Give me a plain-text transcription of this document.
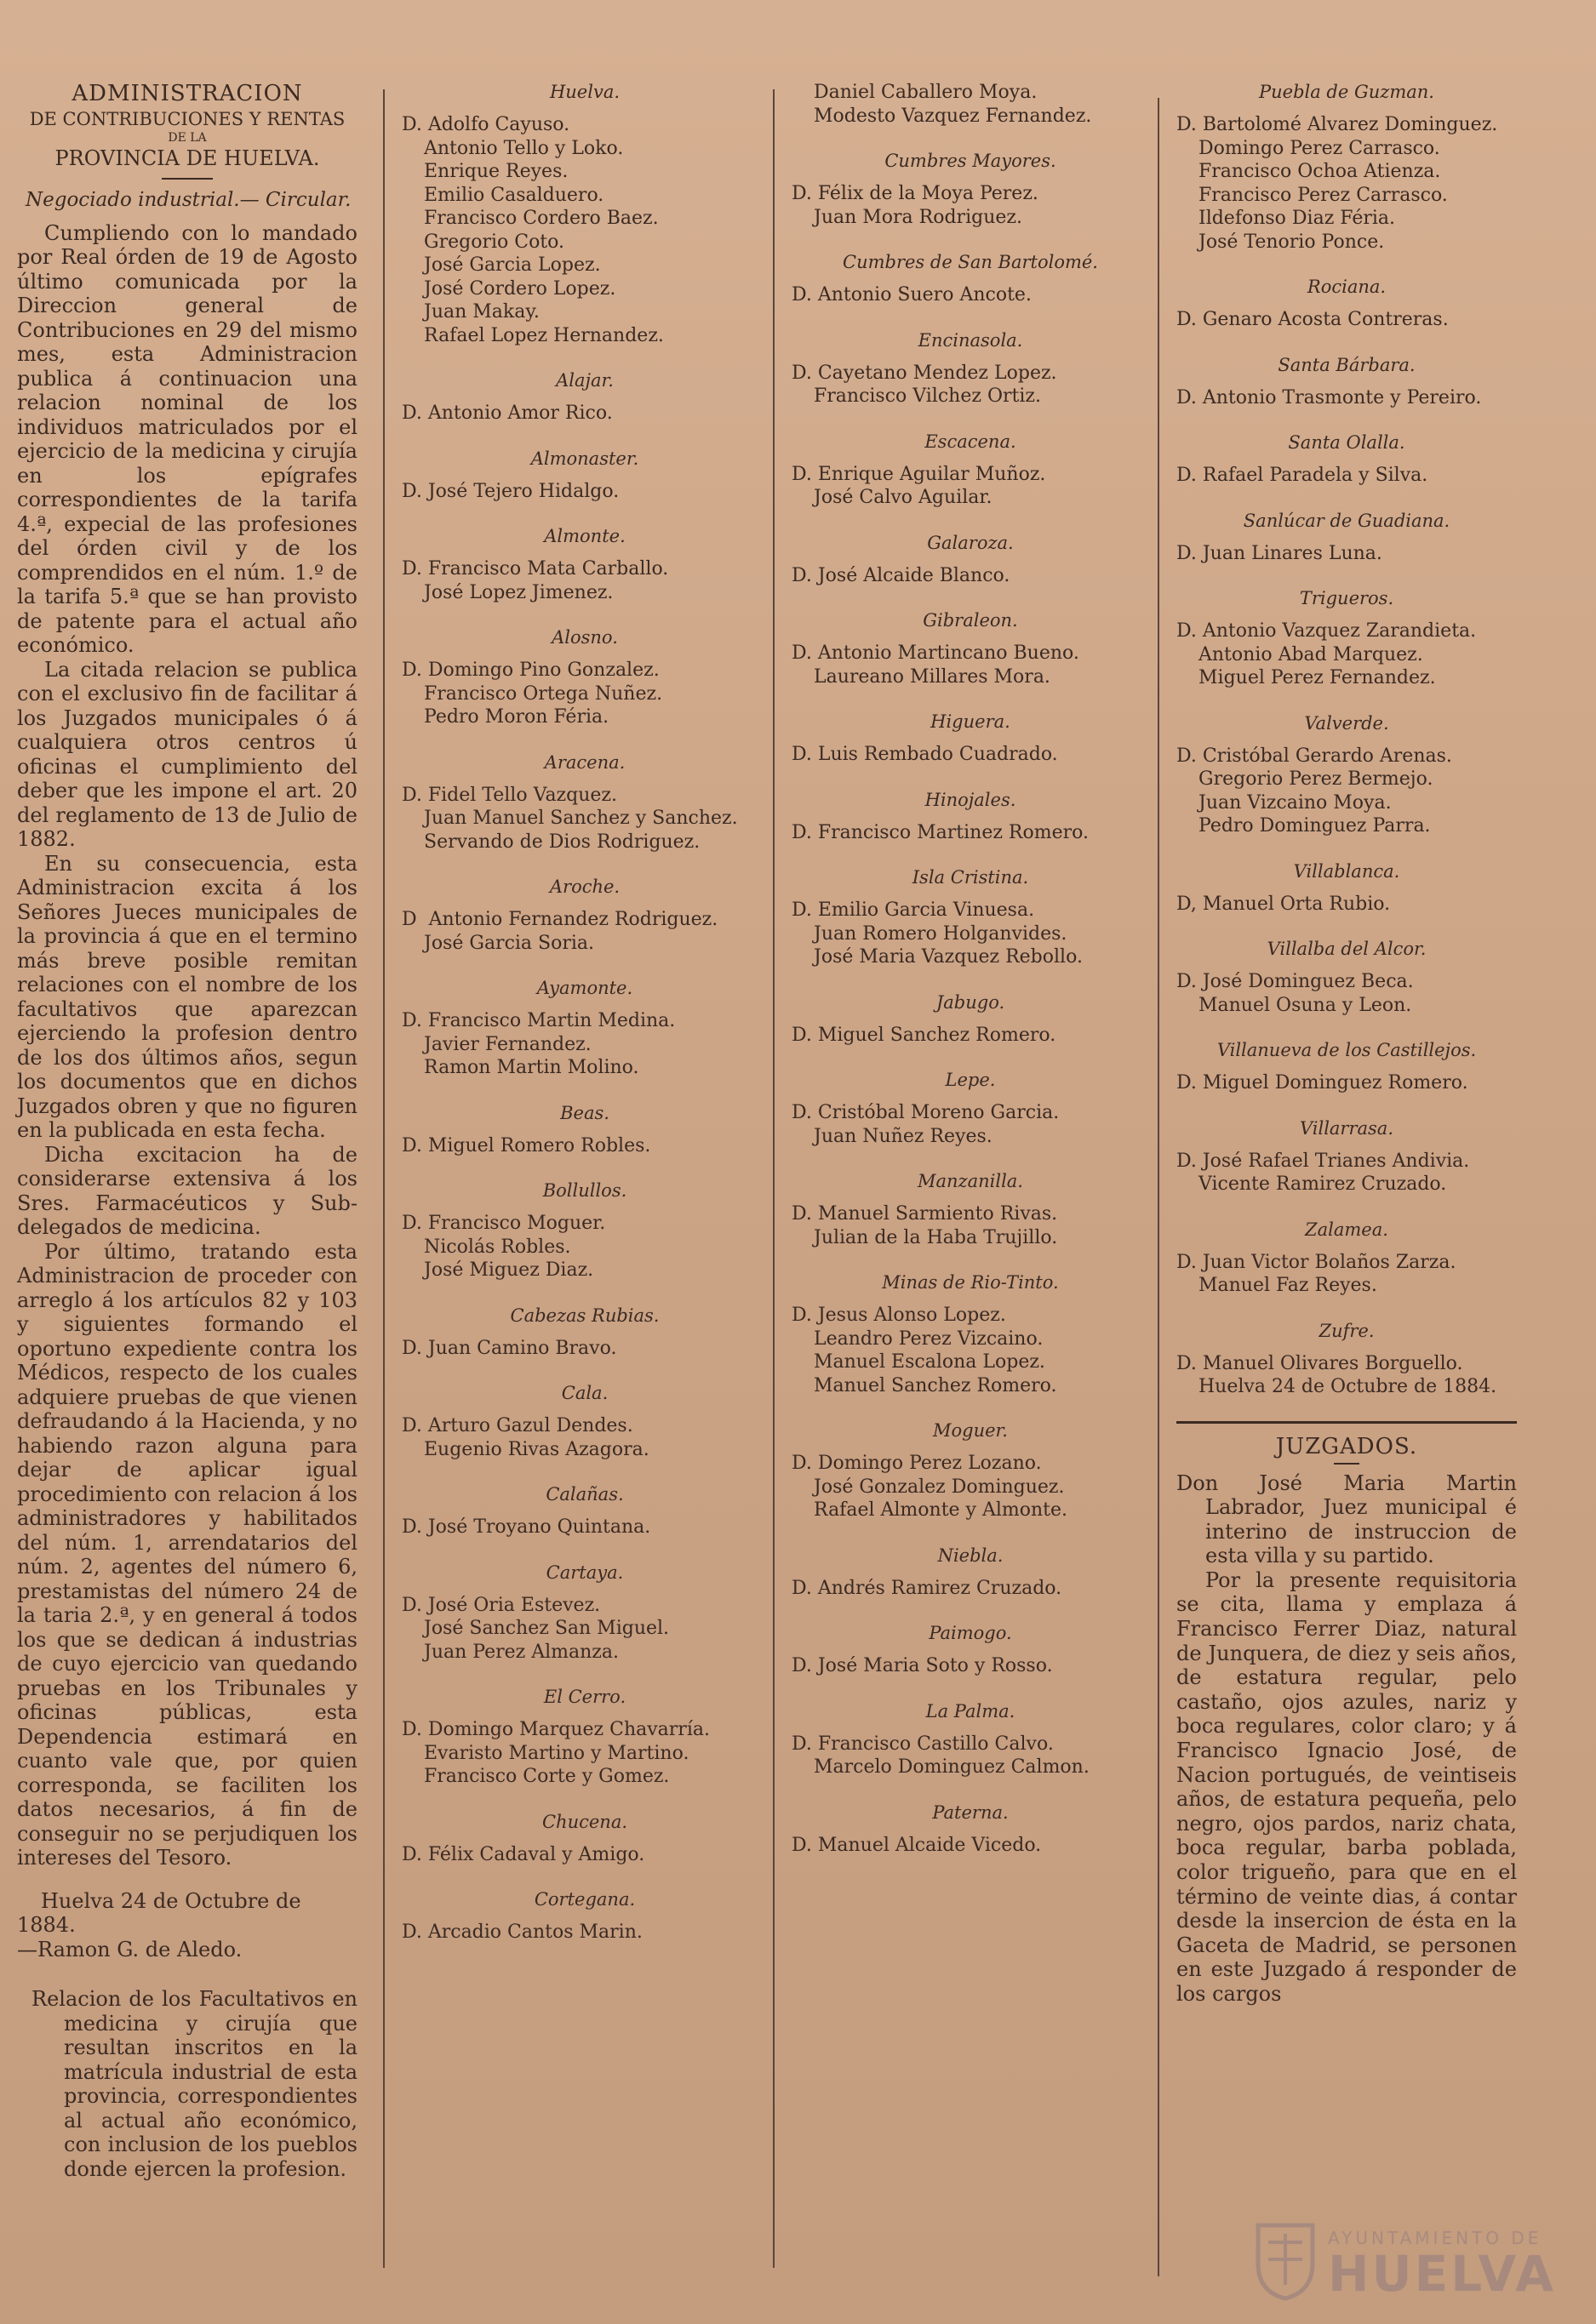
ADMINISTRACION

DE CONTRIBUCIONES Y RENTAS

DE LA

PROVINCIA DE HUELVA.

Negociado industrial.— Circular.

Cumpliendo con lo mandado por Real órden de 19 de Agosto último comunicada por la Direccion general de Contribuciones en 29 del mismo mes, esta Administracion publica á continuacion una relacion nominal de los individuos matriculados por el ejercicio de la medicina y cirujía en los epígrafes correspondientes de la tarifa 4.ª, expecial de las profesiones del órden civil y de los comprendidos en el núm. 1.º de la tarifa 5.ª que se han provisto de patente para el actual año económico.

La citada relacion se publica con el exclusivo fin de facilitar á los Juzgados municipales ó á cualquiera otros centros ú oficinas el cumplimiento del deber que les impone el art. 20 del reglamento de 13 de Julio de 1882.

En su consecuencia, esta Administracion excita á los Señores Jueces municipales de la provincia á que en el termino más breve posible remitan relaciones con el nombre de los facultativos que aparezcan ejerciendo la profesion dentro de los dos últimos años, segun los documentos que en dichos Juzgados obren y que no figuren en la publicada en esta fecha.

Dicha excitacion ha de considerarse extensiva á los Sres. Farmacéuticos y Sub-delegados de medicina.

Por último, tratando esta Administracion de proceder con arreglo á los artículos 82 y 103 y siguientes formando el oportuno expediente contra los Médicos, respecto de los cuales adquiere pruebas de que vienen defraudando á la Hacienda, y no habiendo razon alguna para dejar de aplicar igual procedimiento con relacion á los administradores y habilitados del núm. 1, arrendatarios del núm. 2, agentes del número 6, prestamistas del número 24 de la taria 2.ª, y en general á todos los que se dedican á industrias de cuyo ejercicio van quedando pruebas en los Tribunales y oficinas públicas, esta Dependencia estimará en cuanto vale que, por quien corresponda, se faciliten los datos necesarios, á fin de conseguir no se perjudiquen los intereses del Tesoro.

Huelva 24 de Octubre de 1884.

—Ramon G. de Aledo.

Relacion de los Facultativos en medicina y cirujía que resultan inscritos en la matrícula industrial de esta provincia, correspondientes al actual año económico, con inclusion de los pueblos donde ejercen la profesion.

Huelva.

D. Adolfo Cayuso.
Antonio Tello y Loko.
Enrique Reyes.
Emilio Casalduero.
Francisco Cordero Baez.
Gregorio Coto.
José Garcia Lopez.
José Cordero Lopez.
Juan Makay.
Rafael Lopez Hernandez.

Alajar.

D. Antonio Amor Rico.

Almonaster.

D. José Tejero Hidalgo.

Almonte.

D. Francisco Mata Carballo.
José Lopez Jimenez.

Alosno.

D. Domingo Pino Gonzalez.
Francisco Ortega Nuñez.
Pedro Moron Féria.

Aracena.

D. Fidel Tello Vazquez.
Juan Manuel Sanchez y Sanchez.
Servando de Dios Rodriguez.

Aroche.

D  Antonio Fernandez Rodriguez.
José Garcia Soria.

Ayamonte.

D. Francisco Martin Medina.
Javier Fernandez.
Ramon Martin Molino.

Beas.

D. Miguel Romero Robles.

Bollullos.

D. Francisco Moguer.
Nicolás Robles.
José Miguez Diaz.

Cabezas Rubias.

D. Juan Camino Bravo.

Cala.

D. Arturo Gazul Dendes.
Eugenio Rivas Azagora.

Calañas.

D. José Troyano Quintana.

Cartaya.

D. José Oria Estevez.
José Sanchez San Miguel.
Juan Perez Almanza.

El Cerro.

D. Domingo Marquez Chavarría.
Evaristo Martino y Martino.
Francisco Corte y Gomez.

Chucena.

D. Félix Cadaval y Amigo.

Cortegana.

D. Arcadio Cantos Marin.
Daniel Caballero Moya.
Modesto Vazquez Fernandez.

Cumbres Mayores.

D. Félix de la Moya Perez.
Juan Mora Rodriguez.

Cumbres de San Bartolomé.

D. Antonio Suero Ancote.

Encinasola.

D. Cayetano Mendez Lopez.
Francisco Vilchez Ortiz.

Escacena.

D. Enrique Aguilar Muñoz.
José Calvo Aguilar.

Galaroza.

D. José Alcaide Blanco.

Gibraleon.

D. Antonio Martincano Bueno.
Laureano Millares Mora.

Higuera.

D. Luis Rembado Cuadrado.

Hinojales.

D. Francisco Martinez Romero.

Isla Cristina.

D. Emilio Garcia Vinuesa.
Juan Romero Holganvides.
José Maria Vazquez Rebollo.

Jabugo.

D. Miguel Sanchez Romero.

Lepe.

D. Cristóbal Moreno Garcia.
Juan Nuñez Reyes.

Manzanilla.

D. Manuel Sarmiento Rivas.
Julian de la Haba Trujillo.

Minas de Rio-Tinto.

D. Jesus Alonso Lopez.
Leandro Perez Vizcaino.
Manuel Escalona Lopez.
Manuel Sanchez Romero.

Moguer.

D. Domingo Perez Lozano.
José Gonzalez Dominguez.
Rafael Almonte y Almonte.

Niebla.

D. Andrés Ramirez Cruzado.

Paimogo.

D. José Maria Soto y Rosso.

La Palma.

D. Francisco Castillo Calvo.
Marcelo Dominguez Calmon.

Paterna.

D. Manuel Alcaide Vicedo.

Puebla de Guzman.

D. Bartolomé Alvarez Dominguez.
Domingo Perez Carrasco.
Francisco Ochoa Atienza.
Francisco Perez Carrasco.
Ildefonso Diaz Féria.
José Tenorio Ponce.

Rociana.

D. Genaro Acosta Contreras.

Santa Bárbara.

D. Antonio Trasmonte y Pereiro.

Santa Olalla.

D. Rafael Paradela y Silva.

Sanlúcar de Guadiana.

D. Juan Linares Luna.

Trigueros.

D. Antonio Vazquez Zarandieta.
Antonio Abad Marquez.
Miguel Perez Fernandez.

Valverde.

D. Cristóbal Gerardo Arenas.
Gregorio Perez Bermejo.
Juan Vizcaino Moya.
Pedro Dominguez Parra.

Villablanca.

D, Manuel Orta Rubio.

Villalba del Alcor.

D. José Dominguez Beca.
Manuel Osuna y Leon.

Villanueva de los Castillejos.

D. Miguel Dominguez Romero.

Villarrasa.

D. José Rafael Trianes Andivia.
Vicente Ramirez Cruzado.

Zalamea.

D. Juan Victor Bolaños Zarza.
Manuel Faz Reyes.

Zufre.

D. Manuel Olivares Borguello.
Huelva 24 de Octubre de 1884.

JUZGADOS.

Don José Maria Martin Labrador, Juez municipal é interino de instruccion de esta villa y su partido.

Por la presente requisitoria se cita, llama y emplaza á Francisco Ferrer Diaz, natural de Junquera, de diez y seis años, de estatura regular, pelo castaño, ojos azules, nariz y boca regulares, color claro; y á Francisco Ignacio José, de Nacion portugués, de veintiseis años, de estatura pequeña, pelo negro, ojos pardos, nariz chata, boca regular, barba poblada, color trigueño, para que en el término de veinte dias, á contar desde la insercion de ésta en la Gaceta de Madrid, se personen en este Juzgado á responder de los cargos

AYUNTAMIENTO DE
HUELVA
